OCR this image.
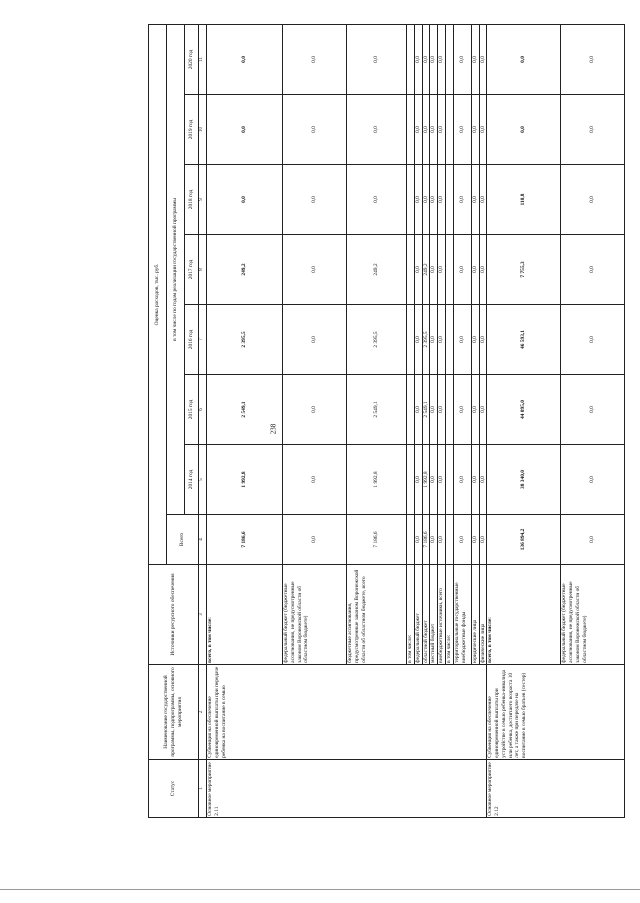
238
Статус	Наименование государственной программы, подпрограммы, основного мероприятия	Источники ресурсного обеспечения	Оценка расходов, тыс. руб.							
			Всего	в том числе по годам реализации государственной программы						
				2014 год	2015 год	2016 год	2017 год	2018 год	2019 год	2020 год
1	2	3	4	5	6	7	8	9	10	11
Основное мероприятие 2.11	Субвенция на обеспечение единовременной выплаты при передаче ребенка на воспитание в семью	всего, в том числе:	7 186,6	1 992,8	2 549,1	2 395,5	249,2	0,0	0,0	0,0
		федеральный бюджет (бюджетные ассигнования, не предусмотренные законом Воронежской области об областном бюджете)	0,0	0,0	0,0	0,0	0,0	0,0	0,0	0,0
		бюджетные ассигнования, предусмотренные законом Воронежской области об областном бюджете, всего	7 186,6	1 992,8	2 549,1	2 395,5	249,2	0,0	0,0	0,0
		в том числе:								
		федеральный бюджет	0,0	0,0	0,0	0,0	0,0	0,0	0,0	0,0
		областной бюджет	7 186,6	1 992,8	2 549,1	2 395,5	249,2	0,0	0,0	0,0
		местный бюджет	0,0	0,0	0,0	0,0	0,0	0,0	0,0	0,0
		внебюджетные источники, всего	0,0	0,0	0,0	0,0	0,0	0,0	0,0	0,0
		в том числе:								
		территориальные государственные внебюджетные фонды	0,0	0,0	0,0	0,0	0,0	0,0	0,0	0,0
		юридические лица	0,0	0,0	0,0	0,0	0,0	0,0	0,0	0,0
		физические лица	0,0	0,0	0,0	0,0	0,0	0,0	0,0	0,0
Основное мероприятие 2.12	Субвенция на обеспечение единовременной выплаты при устройстве в семью ребенка-инвалида или ребенка, достигшего возраста 10 лет, а также при передаче на воспитание в семью братьев (сестер)	всего, в том числе:	136 894,2	38 340,0	44 095,0	46 593,1	7 755,3	110,8	0,0	0,0
		федеральный бюджет (бюджетные ассигнования, не предусмотренные законом Воронежской области об областном бюджете)	0,0	0,0	0,0	0,0	0,0	0,0	0,0	0,0
